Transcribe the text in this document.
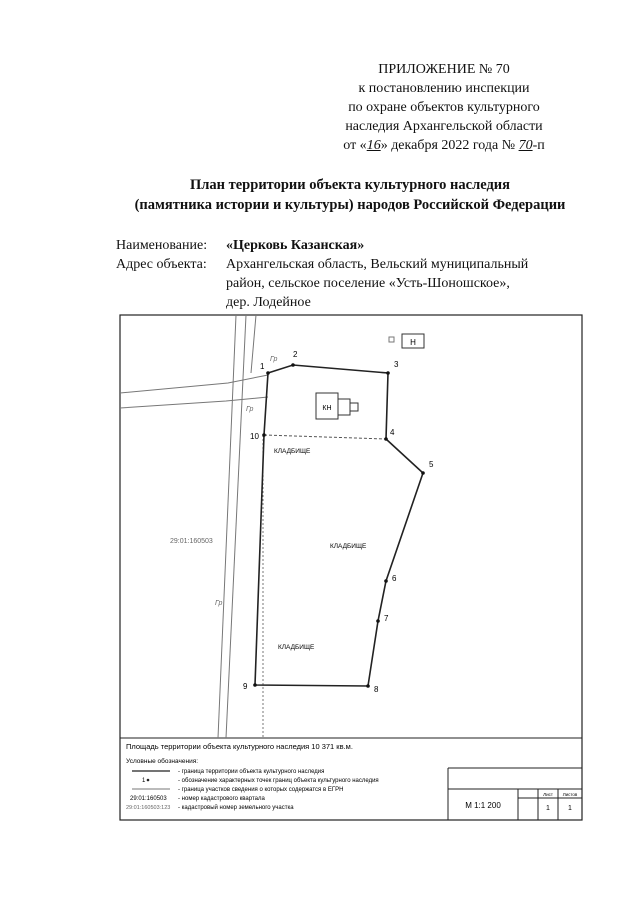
ПРИЛОЖЕНИЕ № 70
к постановлению инспекции
по охране объектов культурного
наследия Архангельской области
от «16» декабря 2022 года № 70-п
План территории объекта культурного наследия
(памятника истории и культуры) народов Российской Федерации
Наименование:	«Церковь Казанская»
Адрес объекта:	Архангельская область, Вельский муниципальный
район, сельское поселение «Усть-Шоношское»,
дер. Лодейное
Н
КН
1
2
3
4
5
6
7
8
9
10
Гр
Гр
Гр
КЛАДБИЩЕ
КЛАДБИЩЕ
КЛАДБИЩЕ
29:01:160503
Площадь территории объекта культурного наследия 10 371 кв.м.
Условные обозначения:
- граница территории объекта культурного наследия
1	- обозначение характерных точек границ объекта культурного наследия
- граница участков сведения о которых содержатся в ЕГРН
29:01:160503 - номер кадастрового квартала
29:01:160503:123 - кадастровый номер земельного участка	М 1:1 200
Лист Листов
1	1
